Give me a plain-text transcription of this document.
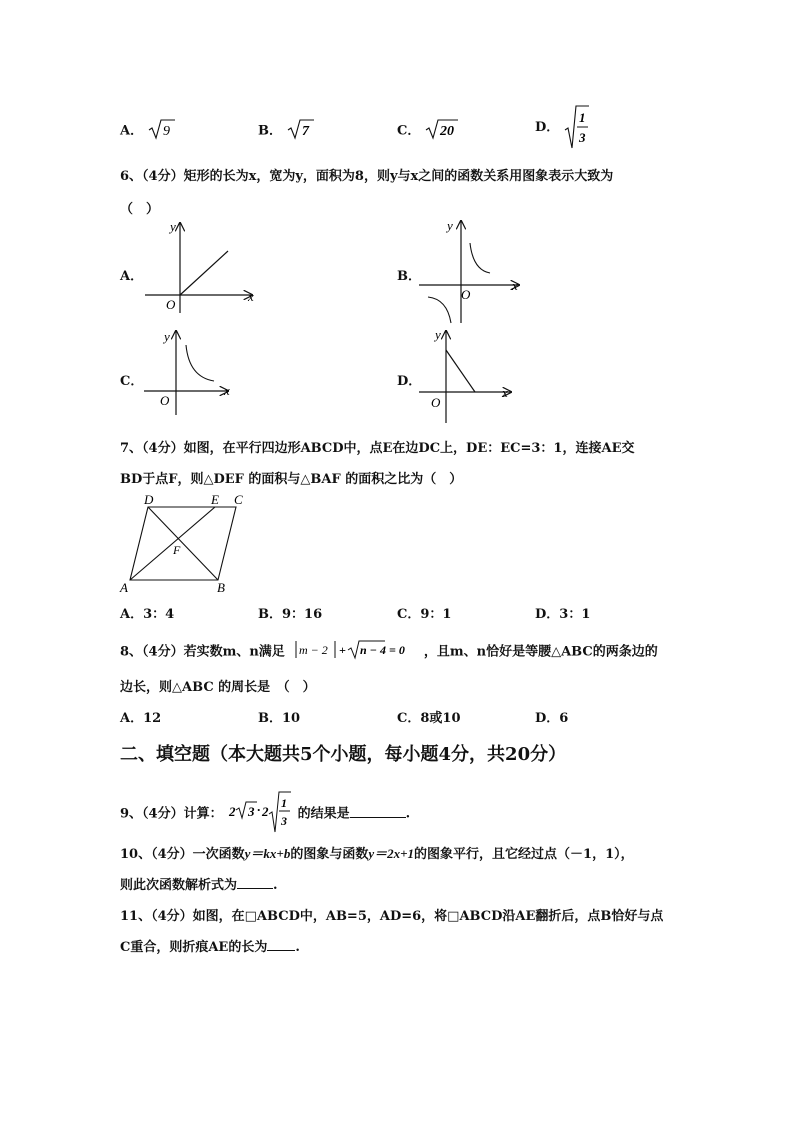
A． 9	B． 7	C． 20	D．
1
3
6、（4分）矩形的长为x，宽为y，面积为8，则y与x之间的函数关系用图象表示大致为
（　）
A．
x
y
O
B．
x
y
O
C．
x
y
O
D．
x
y
O
7、（4分）如图，在平行四边形ABCD中，点E在边DC上，DE：EC=3：1，连接AE交
BD于点F，则△DEF 的面积与△BAF 的面积之比为（　）
D	E C
F
A	B
A．3：4	B．9：16	C．9：1	D．3：1
8、（4分）若实数m、n满足 m − 2 + n − 4 = 0 ，且m、n恰好是等腰△ABC的两条边的
边长，则△ABC 的周长是　（　）
A．12	B．10	C．8或10	D．6
二、填空题（本大题共5个小题，每小题4分，共20分）
9、（4分）计算： 2 3 · 2
1
3 的结果是	.
10、（4分）一次函数y＝kx+b的图象与函数y＝2x+1的图象平行，且它经过点（－1，1），
则此次函数解析式为	.
11、（4分）如图，在□ABCD中，AB=5，AD=6，将□ABCD沿AE翻折后，点B恰好与点
C重合，则折痕AE的长为 .
